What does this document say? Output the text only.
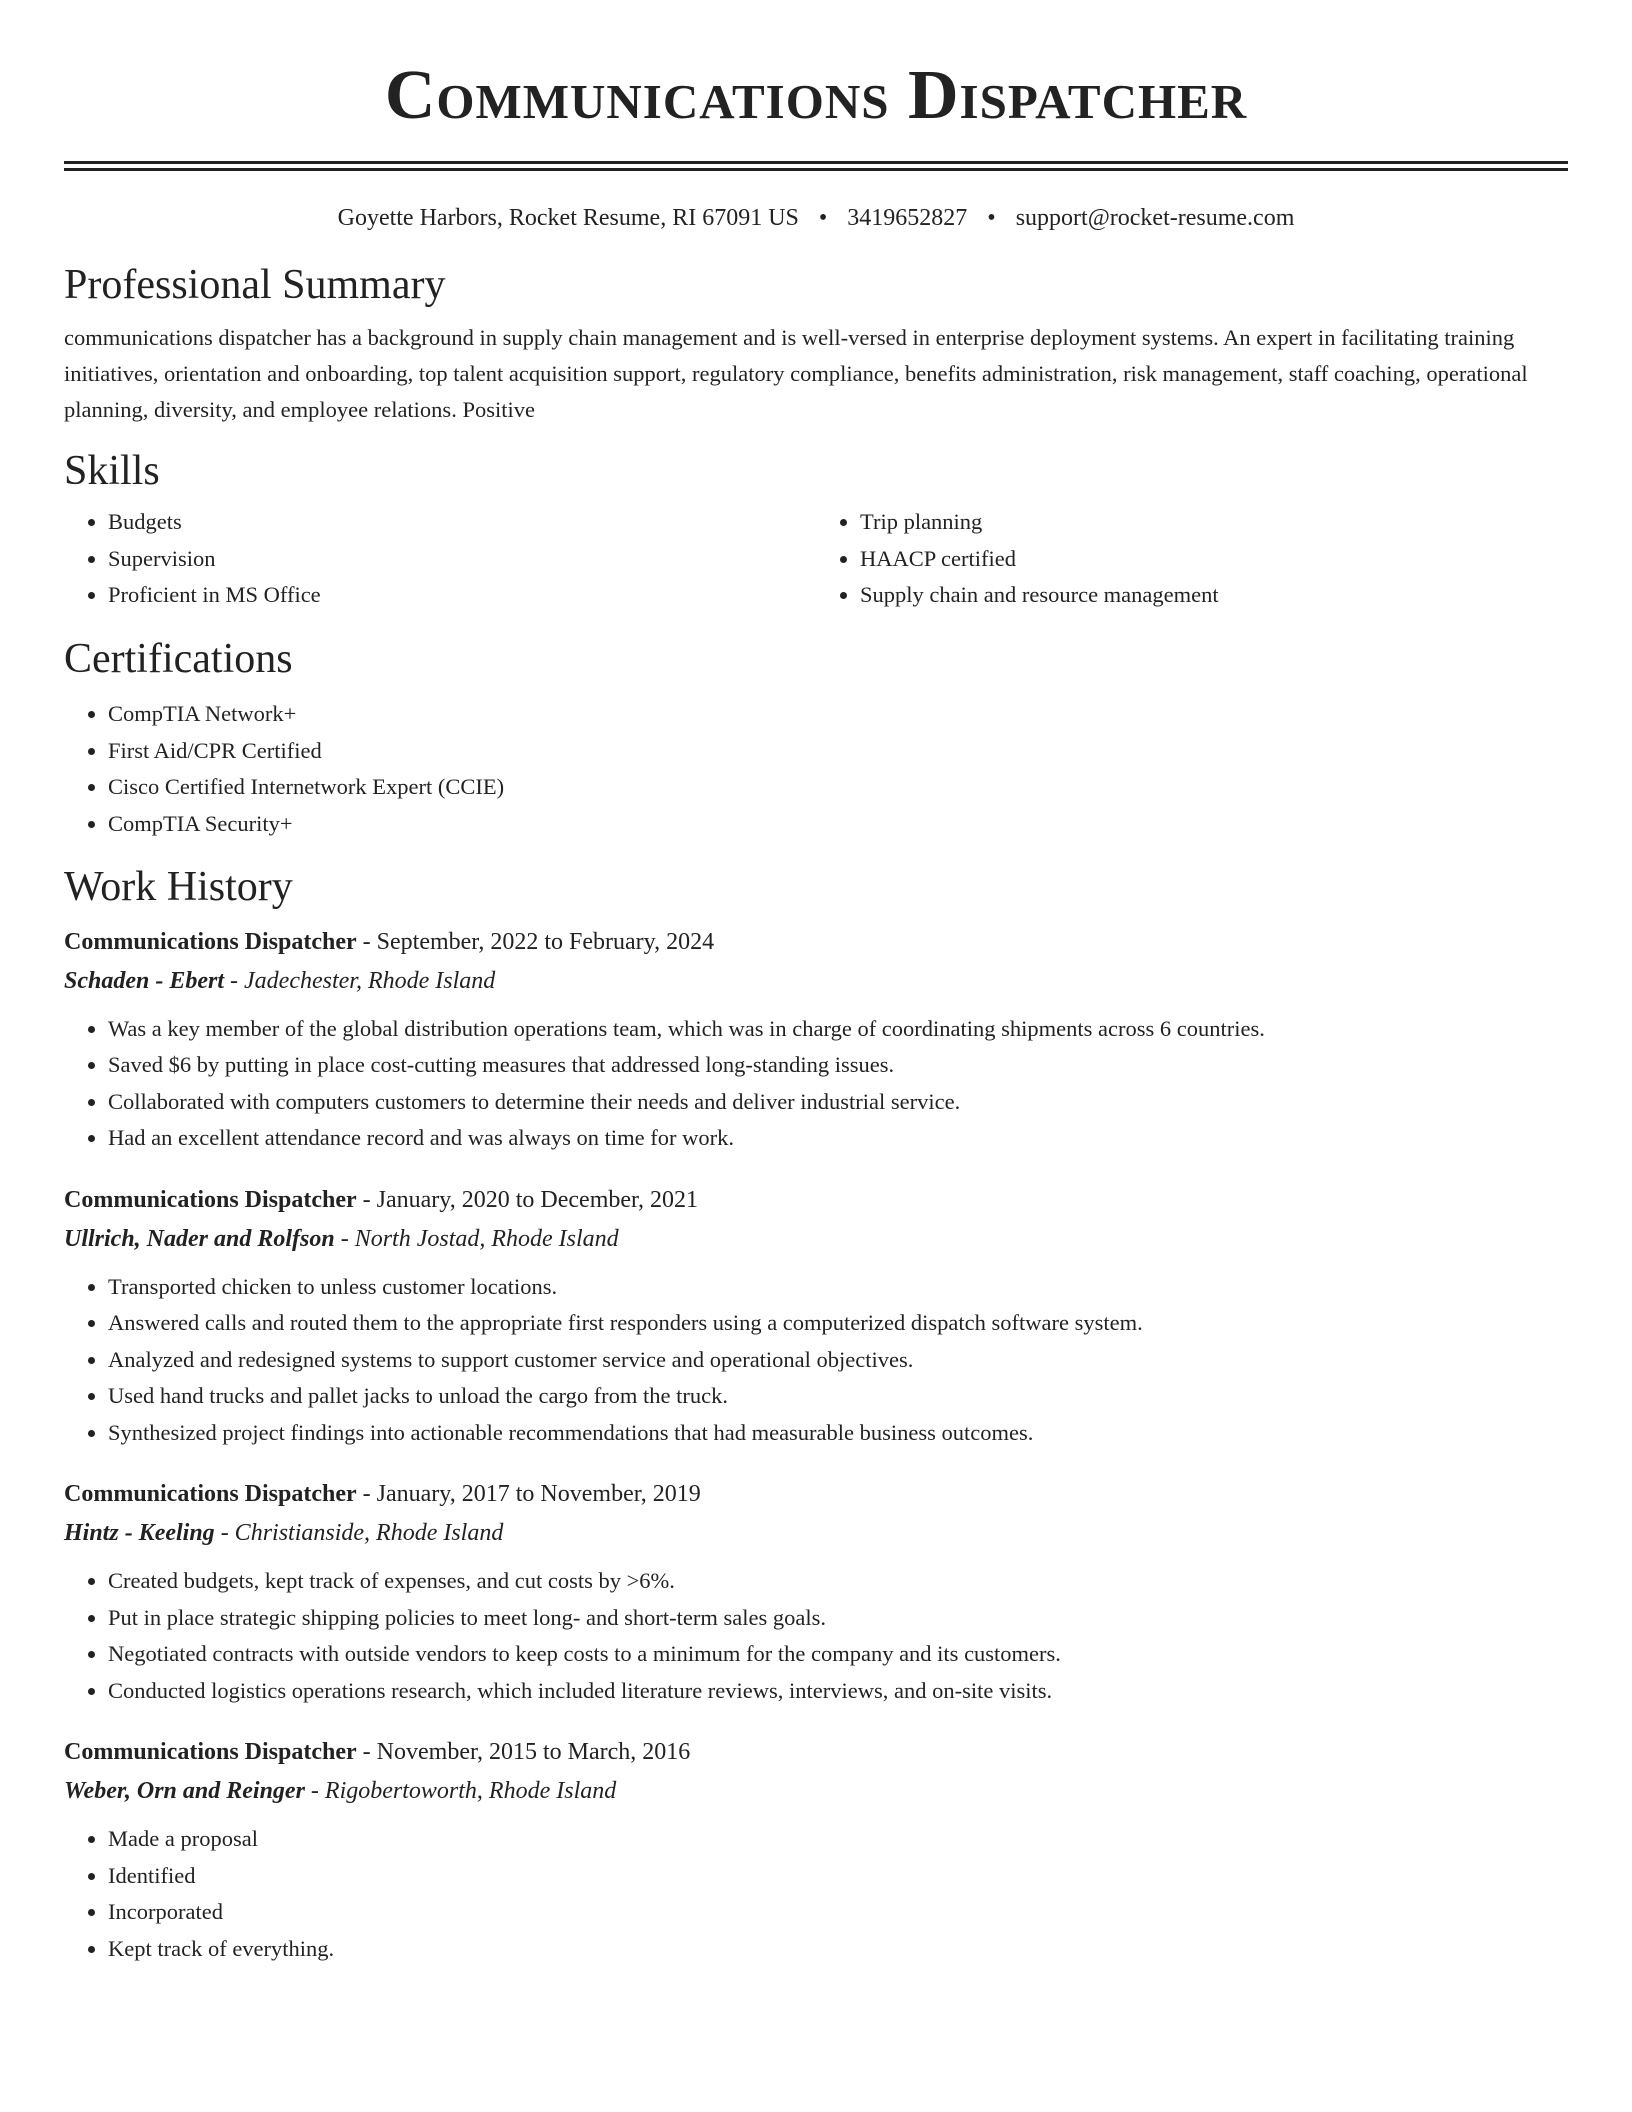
Communications Dispatcher
Goyette Harbors, Rocket Resume, RI 67091 US • 3419652827 • support@rocket-resume.com
Professional Summary

communications dispatcher has a background in supply chain management and is well-versed in enterprise deployment systems. An expert in facilitating training initiatives, orientation and onboarding, top talent acquisition support, regulatory compliance, benefits administration, risk management, staff coaching, operational planning, diversity, and employee relations. Positive

Skills
• Budgets
• Supervision
• Proficient in MS Office
• Trip planning
• HAACP certified
• Supply chain and resource management
Certifications
• CompTIA Network+
• First Aid/CPR Certified
• Cisco Certified Internetwork Expert (CCIE)
• CompTIA Security+
Work History
Communications Dispatcher - September, 2022 to February, 2024
Schaden - Ebert - Jadechester, Rhode Island
• Was a key member of the global distribution operations team, which was in charge of coordinating shipments across 6 countries.
• Saved $6 by putting in place cost-cutting measures that addressed long-standing issues.
• Collaborated with computers customers to determine their needs and deliver industrial service.
• Had an excellent attendance record and was always on time for work.
Communications Dispatcher - January, 2020 to December, 2021
Ullrich, Nader and Rolfson - North Jostad, Rhode Island
• Transported chicken to unless customer locations.
• Answered calls and routed them to the appropriate first responders using a computerized dispatch software system.
• Analyzed and redesigned systems to support customer service and operational objectives.
• Used hand trucks and pallet jacks to unload the cargo from the truck.
• Synthesized project findings into actionable recommendations that had measurable business outcomes.
Communications Dispatcher - January, 2017 to November, 2019
Hintz - Keeling - Christianside, Rhode Island
• Created budgets, kept track of expenses, and cut costs by >6%.
• Put in place strategic shipping policies to meet long- and short-term sales goals.
• Negotiated contracts with outside vendors to keep costs to a minimum for the company and its customers.
• Conducted logistics operations research, which included literature reviews, interviews, and on-site visits.
Communications Dispatcher - November, 2015 to March, 2016
Weber, Orn and Reinger - Rigobertoworth, Rhode Island
• Made a proposal
• Identified
• Incorporated
• Kept track of everything.
